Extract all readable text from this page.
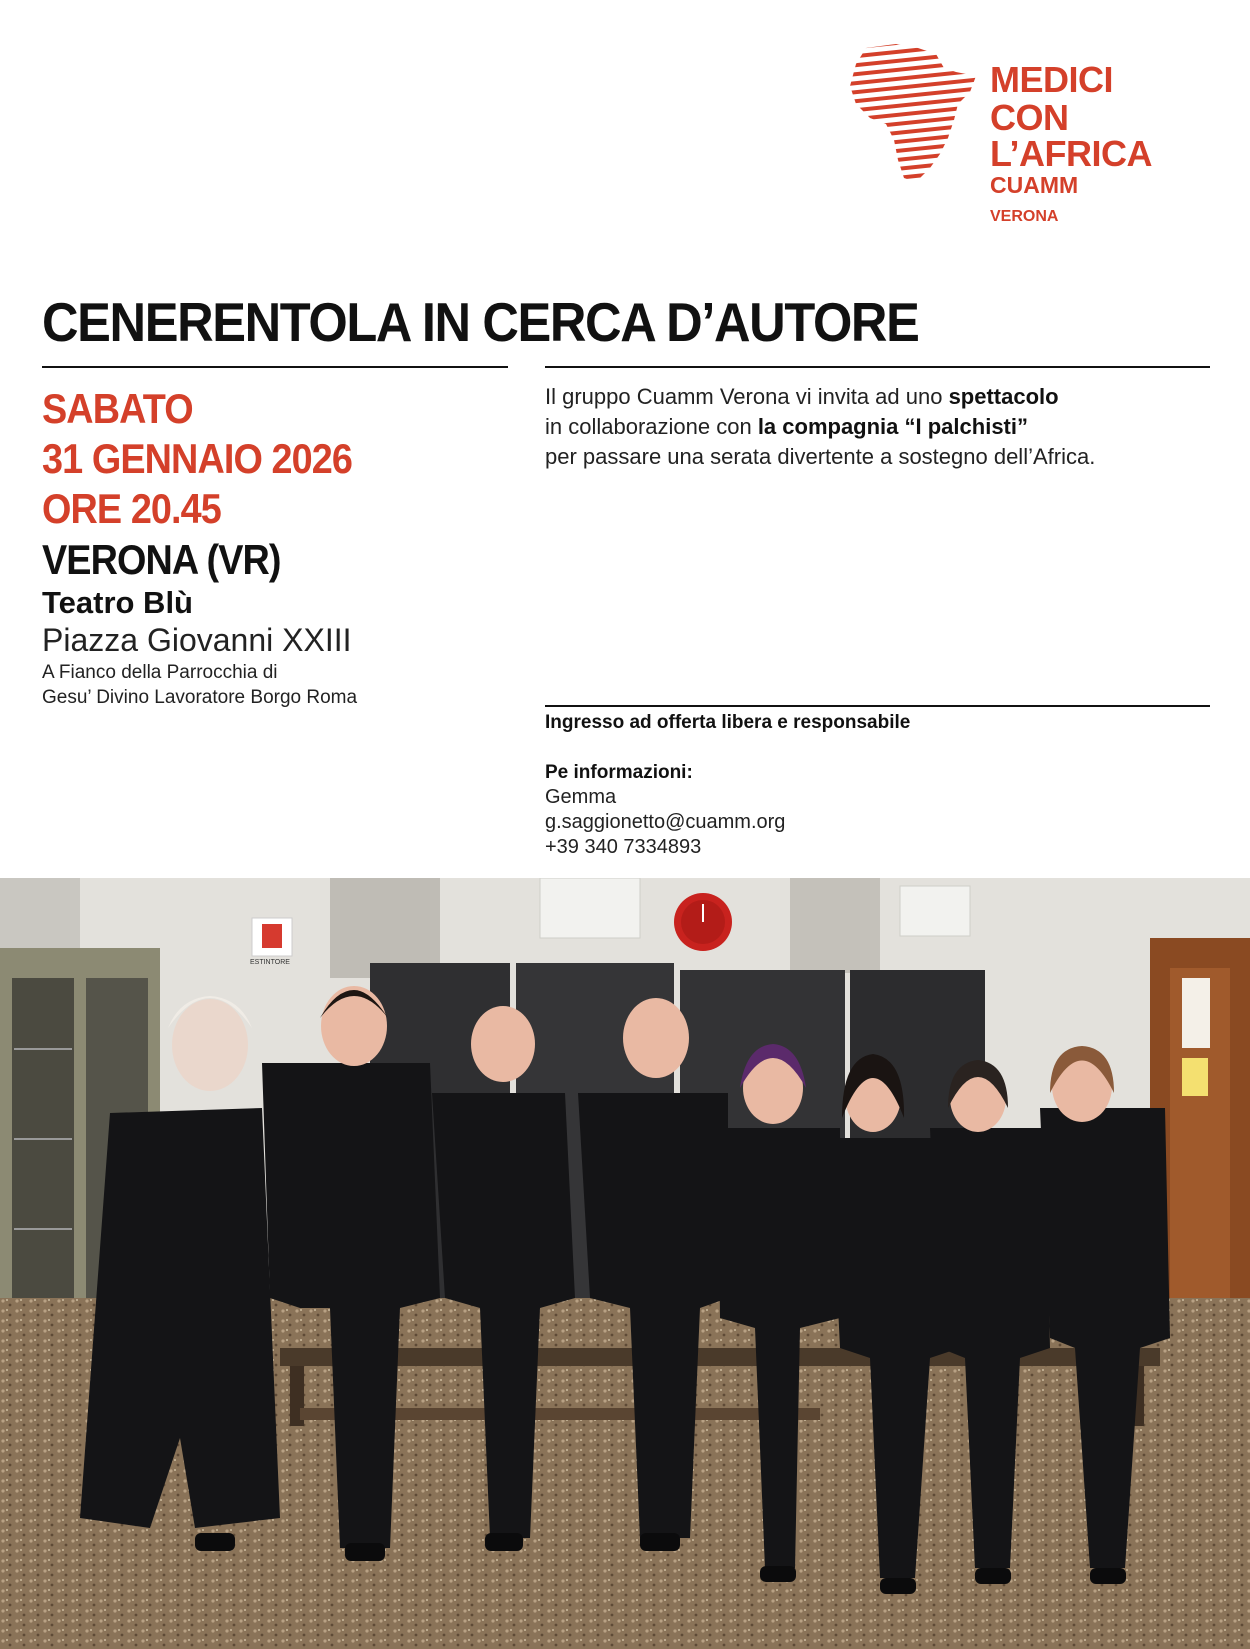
MEDICI
CON L’AFRICA
CUAMM
VERONA
CENERENTOLA IN CERCA D’AUTORE
SABATO
31 GENNAIO 2026
ORE 20.45
VERONA (VR)
Teatro Blù
Piazza Giovanni XXIII
A Fianco della Parrocchia di
Gesu’ Divino Lavoratore Borgo Roma
Il gruppo Cuamm Verona vi invita ad uno spettacolo
in collaborazione con la compagnia “I palchisti”
per passare una serata divertente a sostegno dell’Africa.
Ingresso ad offerta libera e responsabile
Pe informazioni:
Gemma
g.saggionetto@cuamm.org
+39 340 7334893
ESTINTORE
